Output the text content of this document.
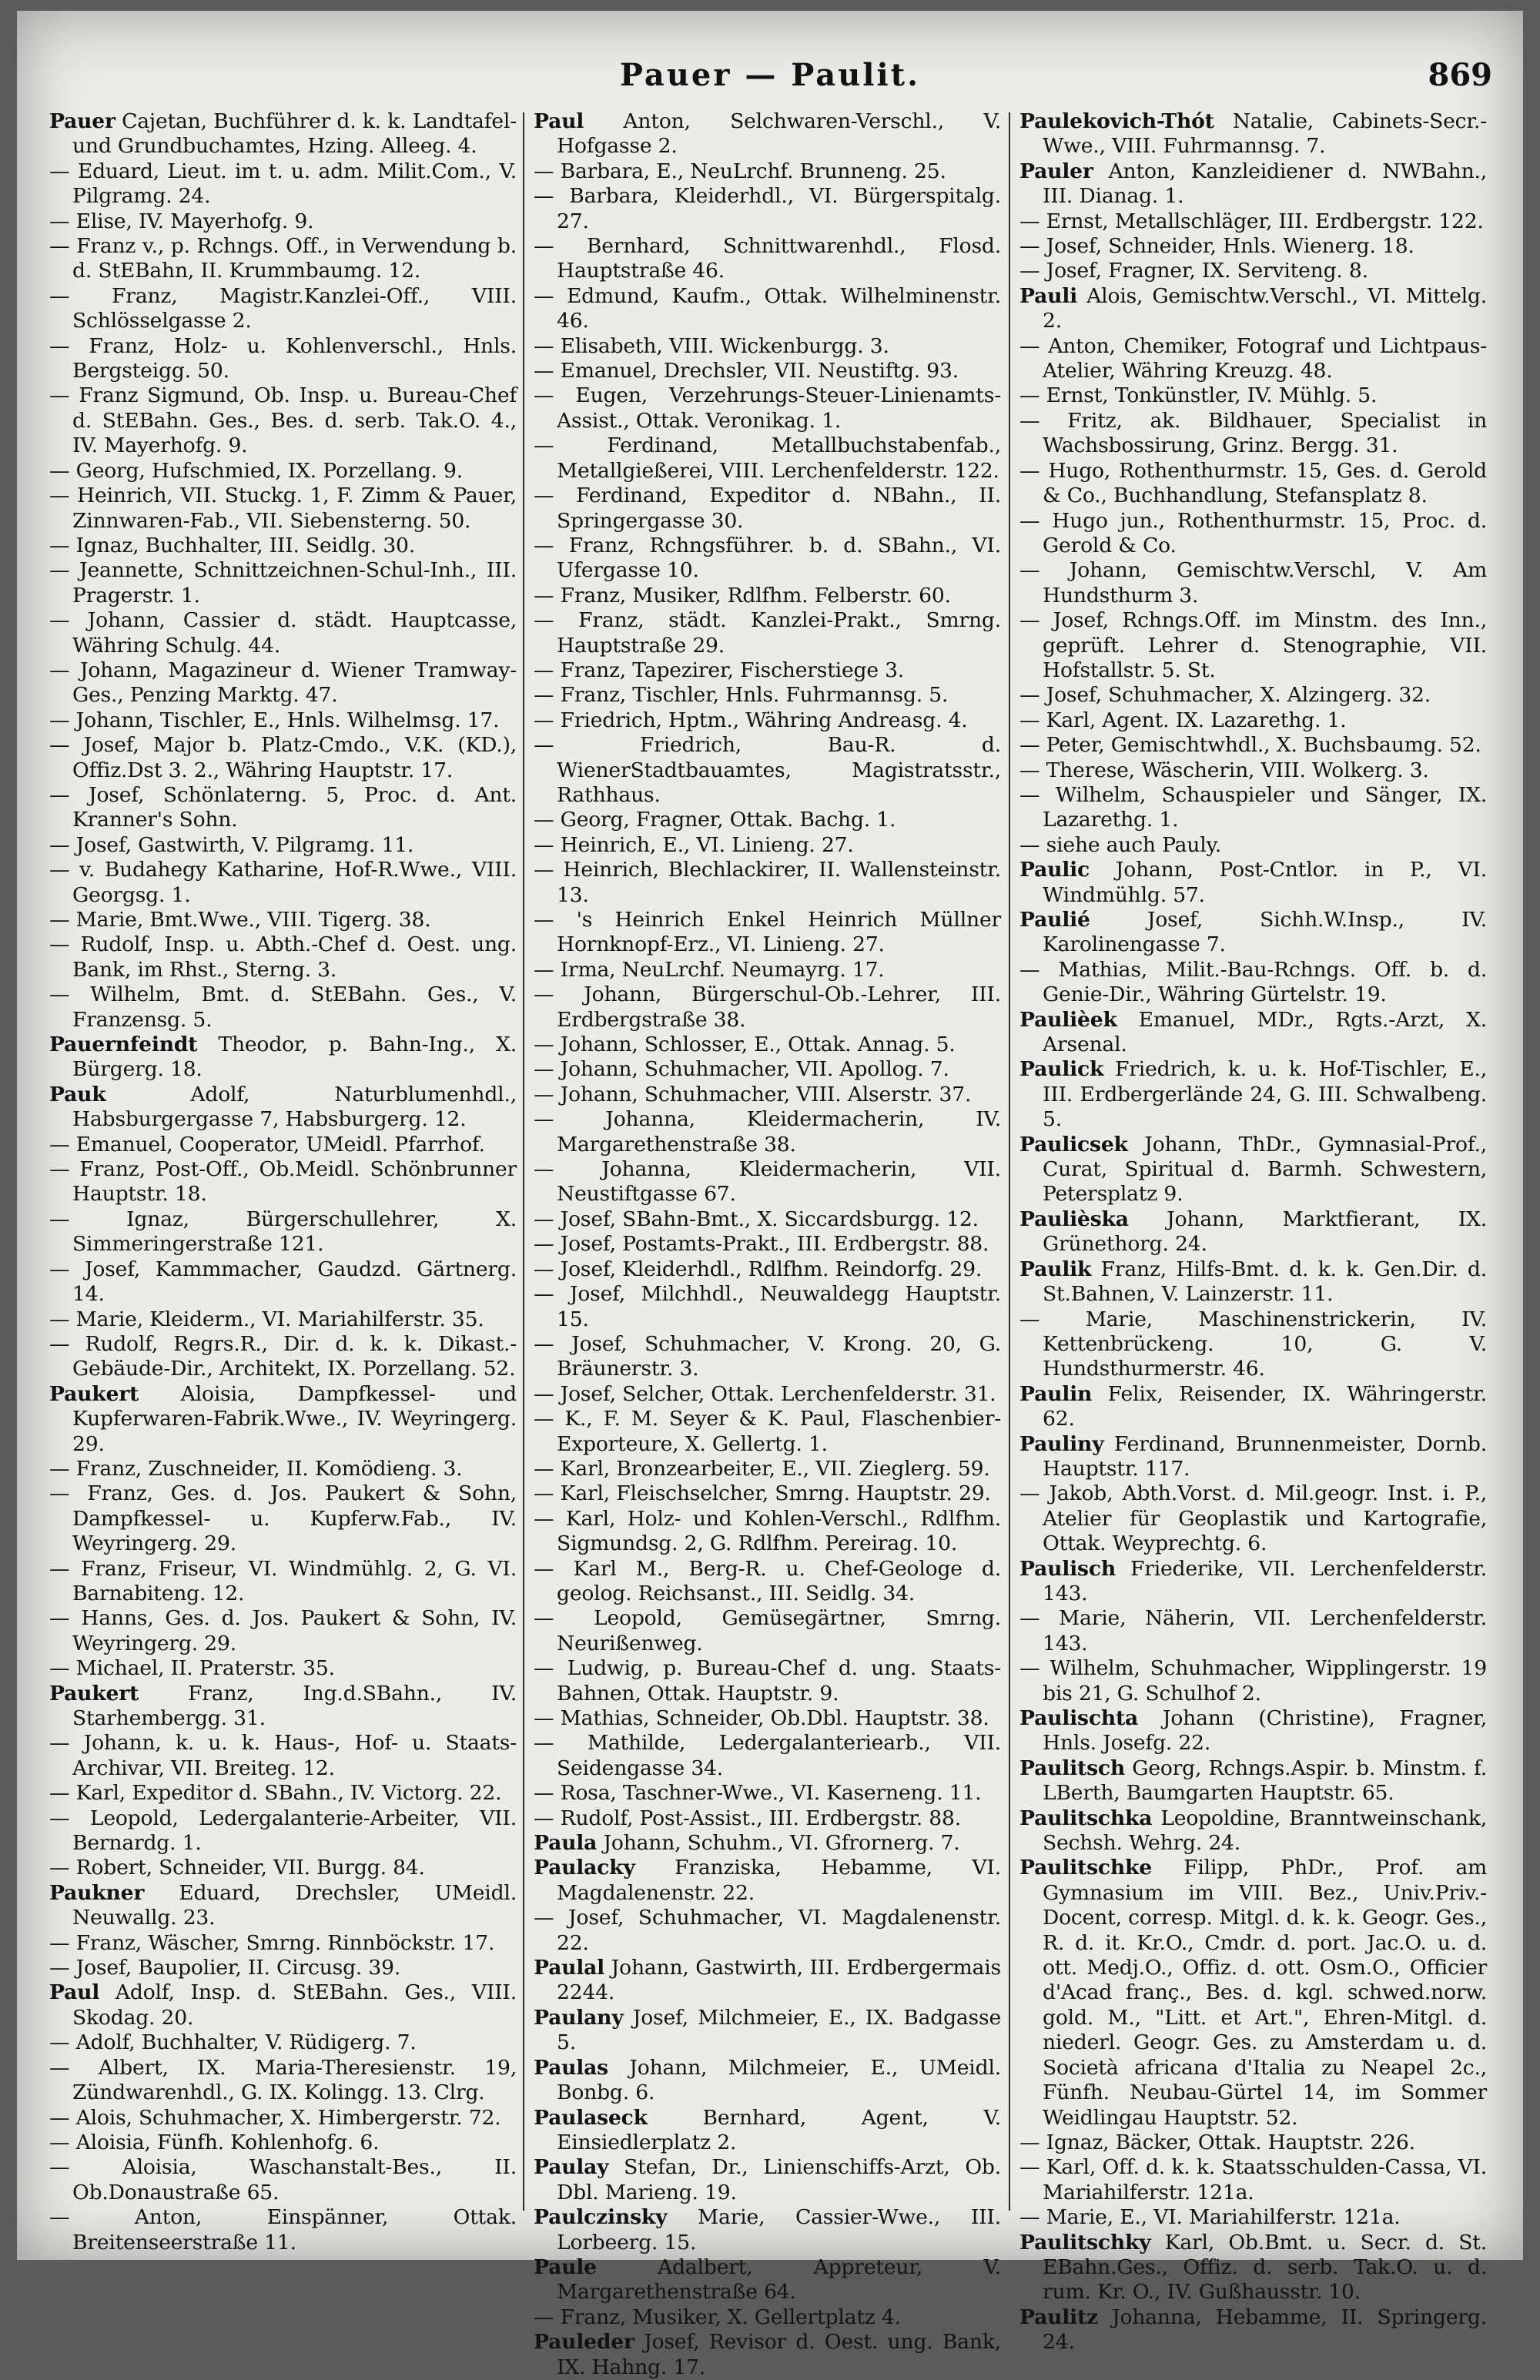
Pauer — Paulit.	869
Pauer Cajetan, Buchführer d. k. k. Landtafel- und Grundbuchamtes, Hzing. Alleeg. 4.
— Eduard, Lieut. im t. u. adm. Milit.Com., V. Pilgramg. 24.
— Elise, IV. Mayerhofg. 9.
— Franz v., p. Rchngs. Off., in Verwendung b. d. StEBahn, II. Krummbaumg. 12.
— Franz, Magistr.Kanzlei-Off., VIII. Schlösselgasse 2.
— Franz, Holz- u. Kohlenverschl., Hnls. Bergsteigg. 50.
— Franz Sigmund, Ob. Insp. u. Bureau-Chef d. StEBahn. Ges., Bes. d. serb. Tak.O. 4., IV. Mayerhofg. 9.
— Georg, Hufschmied, IX. Porzellang. 9.
— Heinrich, VII. Stuckg. 1, F. Zimm & Pauer, Zinnwaren-Fab., VII. Siebensterng. 50.
— Ignaz, Buchhalter, III. Seidlg. 30.
— Jeannette, Schnittzeichnen-Schul-Inh., III. Pragerstr. 1.
— Johann, Cassier d. städt. Hauptcasse, Währing Schulg. 44.
— Johann, Magazineur d. Wiener Tramway-Ges., Penzing Marktg. 47.
— Johann, Tischler, E., Hnls. Wilhelmsg. 17.
— Josef, Major b. Platz-Cmdo., V.K. (KD.), Offiz.Dst 3. 2., Währing Hauptstr. 17.
— Josef, Schönlaterng. 5, Proc. d. Ant. Kranner's Sohn.
— Josef, Gastwirth, V. Pilgramg. 11.
— v. Budahegy Katharine, Hof-R.Wwe., VIII. Georgsg. 1.
— Marie, Bmt.Wwe., VIII. Tigerg. 38.
— Rudolf, Insp. u. Abth.-Chef d. Oest. ung. Bank, im Rhst., Sterng. 3.
— Wilhelm, Bmt. d. StEBahn. Ges., V. Franzensg. 5.
Pauernfeindt Theodor, p. Bahn-Ing., X. Bürgerg. 18.
Pauk Adolf, Naturblumenhdl., Habsburgergasse 7, Habsburgerg. 12.
— Emanuel, Cooperator, UMeidl. Pfarrhof.
— Franz, Post-Off., Ob.Meidl. Schönbrunner Hauptstr. 18.
— Ignaz, Bürgerschullehrer, X. Simmeringerstraße 121.
— Josef, Kammmacher, Gaudzd. Gärtnerg. 14.
— Marie, Kleiderm., VI. Mariahilferstr. 35.
— Rudolf, Regrs.R., Dir. d. k. k. Dikast.-Gebäude-Dir., Architekt, IX. Porzellang. 52.
Paukert Aloisia, Dampfkessel- und Kupferwaren-Fabrik.Wwe., IV. Weyringerg. 29.
— Franz, Zuschneider, II. Komödieng. 3.
— Franz, Ges. d. Jos. Paukert & Sohn, Dampfkessel- u. Kupferw.Fab., IV. Weyringerg. 29.
— Franz, Friseur, VI. Windmühlg. 2, G. VI. Barnabiteng. 12.
— Hanns, Ges. d. Jos. Paukert & Sohn, IV. Weyringerg. 29.
— Michael, II. Praterstr. 35.
Paukert Franz, Ing.d.SBahn., IV. Starhembergg. 31.
— Johann, k. u. k. Haus-, Hof- u. Staats-Archivar, VII. Breiteg. 12.
— Karl, Expeditor d. SBahn., IV. Victorg. 22.
— Leopold, Ledergalanterie-Arbeiter, VII. Bernardg. 1.
— Robert, Schneider, VII. Burgg. 84.
Paukner Eduard, Drechsler, UMeidl. Neuwallg. 23.
— Franz, Wäscher, Smrng. Rinnböckstr. 17.
— Josef, Baupolier, II. Circusg. 39.
Paul Adolf, Insp. d. StEBahn. Ges., VIII. Skodag. 20.
— Adolf, Buchhalter, V. Rüdigerg. 7.
— Albert, IX. Maria-Theresienstr. 19, Zündwarenhdl., G. IX. Kolingg. 13. Clrg.
— Alois, Schuhmacher, X. Himbergerstr. 72.
— Aloisia, Fünfh. Kohlenhofg. 6.
— Aloisia, Waschanstalt-Bes., II. Ob.Donaustraße 65.
— Anton, Einspänner, Ottak. Breitenseerstraße 11.
Paul Anton, Selchwaren-Verschl., V. Hofgasse 2.
— Barbara, E., NeuLrchf. Brunneng. 25.
— Barbara, Kleiderhdl., VI. Bürgerspitalg. 27.
— Bernhard, Schnittwarenhdl., Flosd. Hauptstraße 46.
— Edmund, Kaufm., Ottak. Wilhelminenstr. 46.
— Elisabeth, VIII. Wickenburgg. 3.
— Emanuel, Drechsler, VII. Neustiftg. 93.
— Eugen, Verzehrungs-Steuer-Linienamts-Assist., Ottak. Veronikag. 1.
— Ferdinand, Metallbuchstabenfab., Metallgießerei, VIII. Lerchenfelderstr. 122.
— Ferdinand, Expeditor d. NBahn., II. Springergasse 30.
— Franz, Rchngsführer. b. d. SBahn., VI. Ufergasse 10.
— Franz, Musiker, Rdlfhm. Felberstr. 60.
— Franz, städt. Kanzlei-Prakt., Smrng. Hauptstraße 29.
— Franz, Tapezirer, Fischerstiege 3.
— Franz, Tischler, Hnls. Fuhrmannsg. 5.
— Friedrich, Hptm., Währing Andreasg. 4.
— Friedrich, Bau-R. d. WienerStadtbauamtes, Magistratsstr., Rathhaus.
— Georg, Fragner, Ottak. Bachg. 1.
— Heinrich, E., VI. Linieng. 27.
— Heinrich, Blechlackirer, II. Wallensteinstr. 13.
— 's Heinrich Enkel Heinrich Müllner Hornknopf-Erz., VI. Linieng. 27.
— Irma, NeuLrchf. Neumayrg. 17.
— Johann, Bürgerschul-Ob.-Lehrer, III. Erdbergstraße 38.
— Johann, Schlosser, E., Ottak. Annag. 5.
— Johann, Schuhmacher, VII. Apollog. 7.
— Johann, Schuhmacher, VIII. Alserstr. 37.
— Johanna, Kleidermacherin, IV. Margarethenstraße 38.
— Johanna, Kleidermacherin, VII. Neustiftgasse 67.
— Josef, SBahn-Bmt., X. Siccardsburgg. 12.
— Josef, Postamts-Prakt., III. Erdbergstr. 88.
— Josef, Kleiderhdl., Rdlfhm. Reindorfg. 29.
— Josef, Milchhdl., Neuwaldegg Hauptstr. 15.
— Josef, Schuhmacher, V. Krong. 20, G. Bräunerstr. 3.
— Josef, Selcher, Ottak. Lerchenfelderstr. 31.
— K., F. M. Seyer & K. Paul, Flaschenbier-Exporteure, X. Gellertg. 1.
— Karl, Bronzearbeiter, E., VII. Zieglerg. 59.
— Karl, Fleischselcher, Smrng. Hauptstr. 29.
— Karl, Holz- und Kohlen-Verschl., Rdlfhm. Sigmundsg. 2, G. Rdlfhm. Pereirag. 10.
— Karl M., Berg-R. u. Chef-Geologe d. geolog. Reichsanst., III. Seidlg. 34.
— Leopold, Gemüsegärtner, Smrng. Neurißenweg.
— Ludwig, p. Bureau-Chef d. ung. Staats-Bahnen, Ottak. Hauptstr. 9.
— Mathias, Schneider, Ob.Dbl. Hauptstr. 38.
— Mathilde, Ledergalanteriearb., VII. Seidengasse 34.
— Rosa, Taschner-Wwe., VI. Kaserneng. 11.
— Rudolf, Post-Assist., III. Erdbergstr. 88.
Paula Johann, Schuhm., VI. Gfrornerg. 7.
Paulacky Franziska, Hebamme, VI. Magdalenenstr. 22.
— Josef, Schuhmacher, VI. Magdalenenstr. 22.
Paulal Johann, Gastwirth, III. Erdbergermais 2244.
Paulany Josef, Milchmeier, E., IX. Badgasse 5.
Paulas Johann, Milchmeier, E., UMeidl. Bonbg. 6.
Paulaseck Bernhard, Agent, V. Einsiedlerplatz 2.
Paulay Stefan, Dr., Linienschiffs-Arzt, Ob. Dbl. Marieng. 19.
Paulczinsky Marie, Cassier-Wwe., III. Lorbeerg. 15.
Paule Adalbert, Appreteur, V. Margarethenstraße 64.
— Franz, Musiker, X. Gellertplatz 4.
Pauleder Josef, Revisor d. Oest. ung. Bank, IX. Hahng. 17.
Paulekovich-Thót Natalie, Cabinets-Secr.-Wwe., VIII. Fuhrmannsg. 7.
Pauler Anton, Kanzleidiener d. NWBahn., III. Dianag. 1.
— Ernst, Metallschläger, III. Erdbergstr. 122.
— Josef, Schneider, Hnls. Wienerg. 18.
— Josef, Fragner, IX. Serviteng. 8.
Pauli Alois, Gemischtw.Verschl., VI. Mittelg. 2.
— Anton, Chemiker, Fotograf und Lichtpaus-Atelier, Währing Kreuzg. 48.
— Ernst, Tonkünstler, IV. Mühlg. 5.
— Fritz, ak. Bildhauer, Specialist in Wachsbossirung, Grinz. Bergg. 31.
— Hugo, Rothenthurmstr. 15, Ges. d. Gerold & Co., Buchhandlung, Stefansplatz 8.
— Hugo jun., Rothenthurmstr. 15, Proc. d. Gerold & Co.
— Johann, Gemischtw.Verschl, V. Am Hundsthurm 3.
— Josef, Rchngs.Off. im Minstm. des Inn., geprüft. Lehrer d. Stenographie, VII. Hofstallstr. 5. St.
— Josef, Schuhmacher, X. Alzingerg. 32.
— Karl, Agent. IX. Lazarethg. 1.
— Peter, Gemischtwhdl., X. Buchsbaumg. 52.
— Therese, Wäscherin, VIII. Wolkerg. 3.
— Wilhelm, Schauspieler und Sänger, IX. Lazarethg. 1.
— siehe auch Pauly.
Paulic Johann, Post-Cntlor. in P., VI. Windmühlg. 57.
Paulié Josef, Sichh.W.Insp., IV. Karolinengasse 7.
— Mathias, Milit.-Bau-Rchngs. Off. b. d. Genie-Dir., Währing Gürtelstr. 19.
Paulièek Emanuel, MDr., Rgts.-Arzt, X. Arsenal.
Paulick Friedrich, k. u. k. Hof-Tischler, E., III. Erdbergerlände 24, G. III. Schwalbeng. 5.
Paulicsek Johann, ThDr., Gymnasial-Prof., Curat, Spiritual d. Barmh. Schwestern, Petersplatz 9.
Paulièska Johann, Marktfierant, IX. Grünethorg. 24.
Paulik Franz, Hilfs-Bmt. d. k. k. Gen.Dir. d. St.Bahnen, V. Lainzerstr. 11.
— Marie, Maschinenstrickerin, IV. Kettenbrückeng. 10, G. V. Hundsthurmerstr. 46.
Paulin Felix, Reisender, IX. Währingerstr. 62.
Pauliny Ferdinand, Brunnenmeister, Dornb. Hauptstr. 117.
— Jakob, Abth.Vorst. d. Mil.geogr. Inst. i. P., Atelier für Geoplastik und Kartografie, Ottak. Weyprechtg. 6.
Paulisch Friederike, VII. Lerchenfelderstr. 143.
— Marie, Näherin, VII. Lerchenfelderstr. 143.
— Wilhelm, Schuhmacher, Wipplingerstr. 19 bis 21, G. Schulhof 2.
Paulischta Johann (Christine), Fragner, Hnls. Josefg. 22.
Paulitsch Georg, Rchngs.Aspir. b. Minstm. f. LBerth, Baumgarten Hauptstr. 65.
Paulitschka Leopoldine, Branntweinschank, Sechsh. Wehrg. 24.
Paulitschke Filipp, PhDr., Prof. am Gymnasium im VIII. Bez., Univ.Priv.-Docent, corresp. Mitgl. d. k. k. Geogr. Ges., R. d. it. Kr.O., Cmdr. d. port. Jac.O. u. d. ott. Medj.O., Offiz. d. ott. Osm.O., Officier d'Acad franç., Bes. d. kgl. schwed.norw. gold. M., "Litt. et Art.", Ehren-Mitgl. d. niederl. Geogr. Ges. zu Amsterdam u. d. Società africana d'Italia zu Neapel 2c., Fünfh. Neubau-Gürtel 14, im Sommer Weidlingau Hauptstr. 52.
— Ignaz, Bäcker, Ottak. Hauptstr. 226.
— Karl, Off. d. k. k. Staatsschulden-Cassa, VI. Mariahilferstr. 121a.
— Marie, E., VI. Mariahilferstr. 121a.
Paulitschky Karl, Ob.Bmt. u. Secr. d. St. EBahn.Ges., Offiz. d. serb. Tak.O. u. d. rum. Kr. O., IV. Gußhausstr. 10.
Paulitz Johanna, Hebamme, II. Springerg. 24.
